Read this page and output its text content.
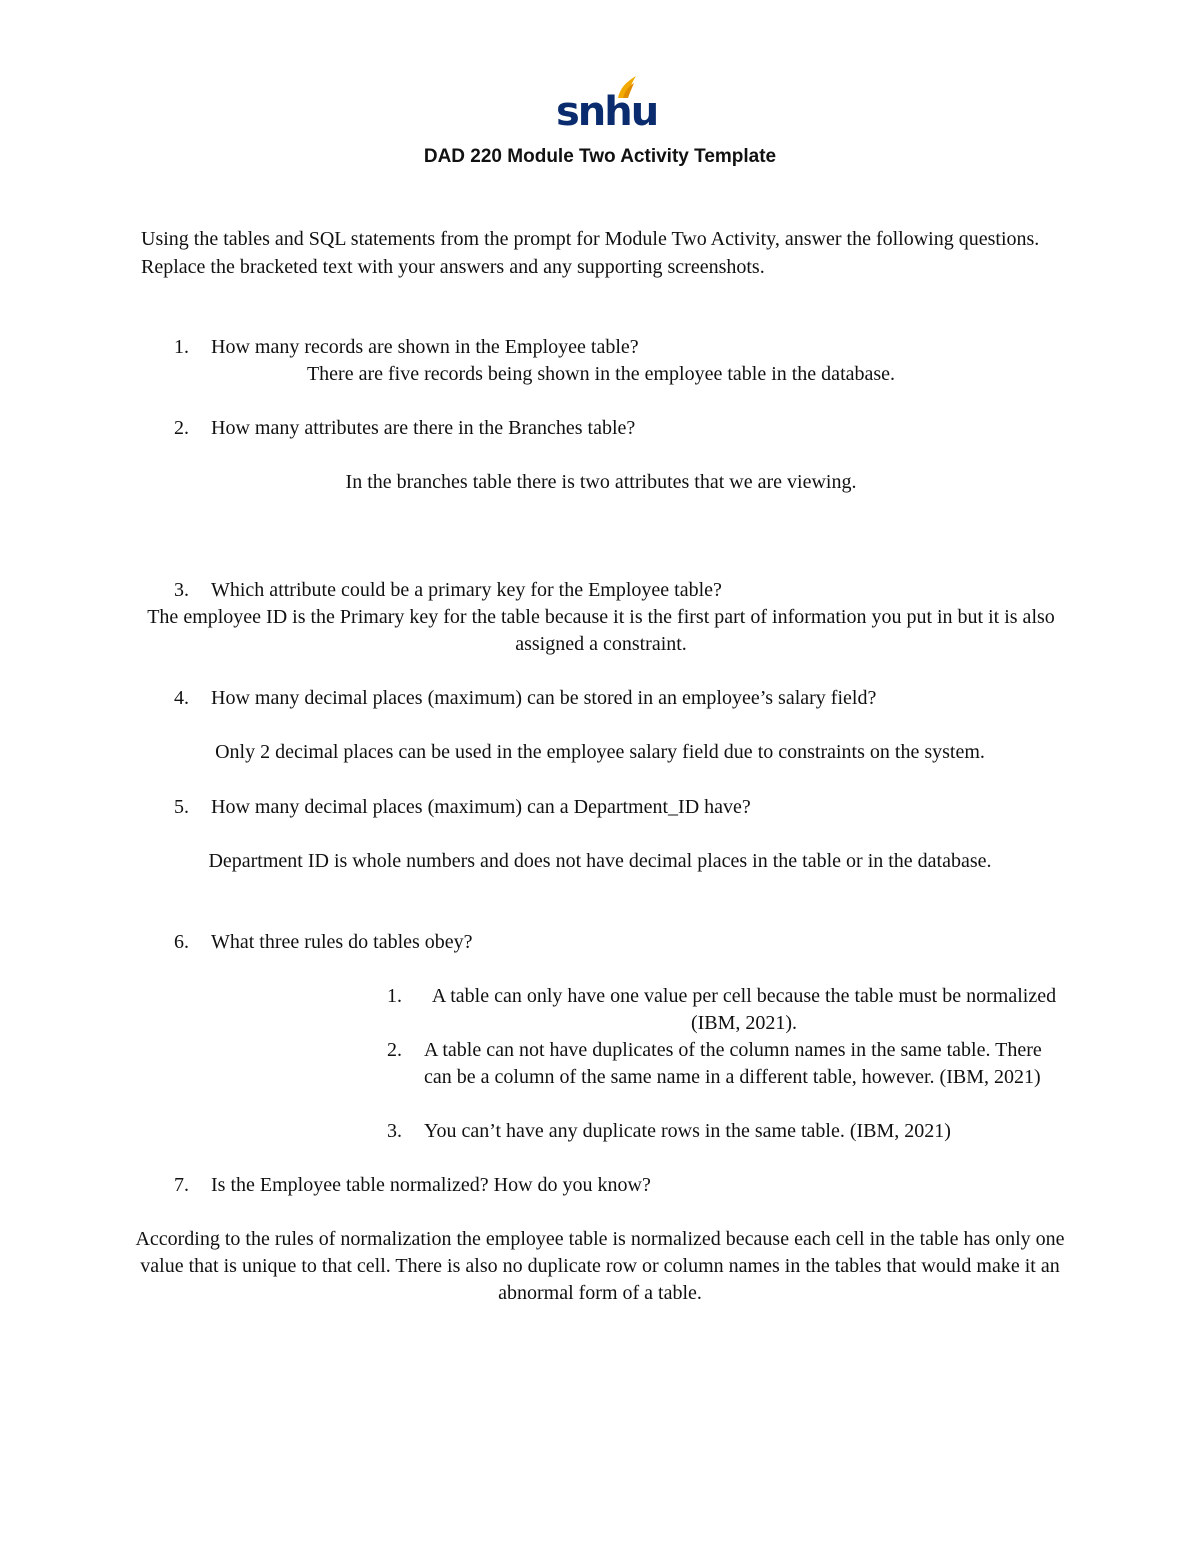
snhu
DAD 220 Module Two Activity Template

Using the tables and SQL statements from the prompt for Module Two Activity, answer the following questions. Replace the bracketed text with your answers and any supporting screenshots.

1.	How many records are shown in the Employee table?
There are five records being shown in the employee table in the database.
2.	How many attributes are there in the Branches table?
In the branches table there is two attributes that we are viewing.
3.	Which attribute could be a primary key for the Employee table?
The employee ID is the Primary key for the table because it is the first part of information you put in but it is also assigned a constraint.
4.	How many decimal places (maximum) can be stored in an employee’s salary field?
Only 2 decimal places can be used in the employee salary field due to constraints on the system.
5.	How many decimal places (maximum) can a Department_ID have?
Department ID is whole numbers and does not have decimal places in the table or in the database.
6.	What three rules do tables obey?
1.	A table can only have one value per cell because the table must be normalized (IBM, 2021).
2. A table can not have duplicates of the column names in the same table. There can be a column of the same name in a different table, however. (IBM, 2021)
3. You can’t have any duplicate rows in the same table. (IBM, 2021)
7.	Is the Employee table normalized? How do you know?
According to the rules of normalization the employee table is normalized because each cell in the table has only one value that is unique to that cell. There is also no duplicate row or column names in the tables that would make it an abnormal form of a table.
